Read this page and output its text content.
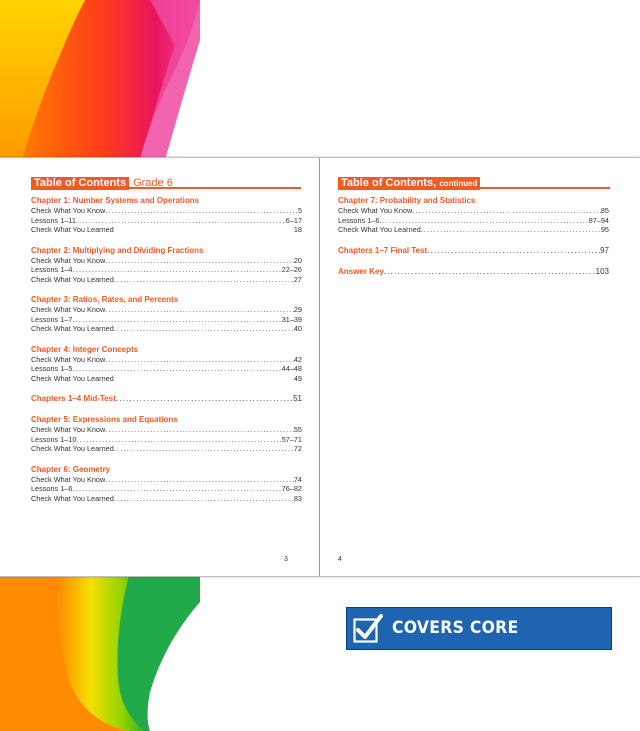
Table of Contents Grade 6
Chapter 1: Number Systems and Operations
Check What You Know .....	5
Lessons 1–11 .....	6–17
Check What You Learned	18
Chapter 2: Multiplying and Dividing Fractions
Check What You Know .....	20
Lessons 1–4 .....	22–26
Check What You Learned .....	27
Chapter 3: Ratios, Rates, and Percents
Check What You Know .....	29
Lessons 1–7 .....	31–39
Check What You Learned .....	40
Chapter 4: Integer Concepts
Check What You Know .....	42
Lessons 1–5 .....	44–48
Check What You Learned	49
Chapters 1–4 Mid-Test .....	51
Chapter 5: Expressions and Equations
Check What You Know .....	55
Lessons 1–10 .....	57–71
Check What You Learned .....	72
Chapter 6: Geometry
Check What You Know .....	74
Lessons 1–6 .....	76–82
Check What You Learned .....	83
3
Table of Contents, continued
Chapter 7: Probability and Statistics
Check What You Know .....	85
Lessons 1–6 .....	87–94
Check What You Learned .....	95
Chapters 1–7 Final Test .....	97
Answer Key .....	103
4
COVERS CORE CONCEPTS
